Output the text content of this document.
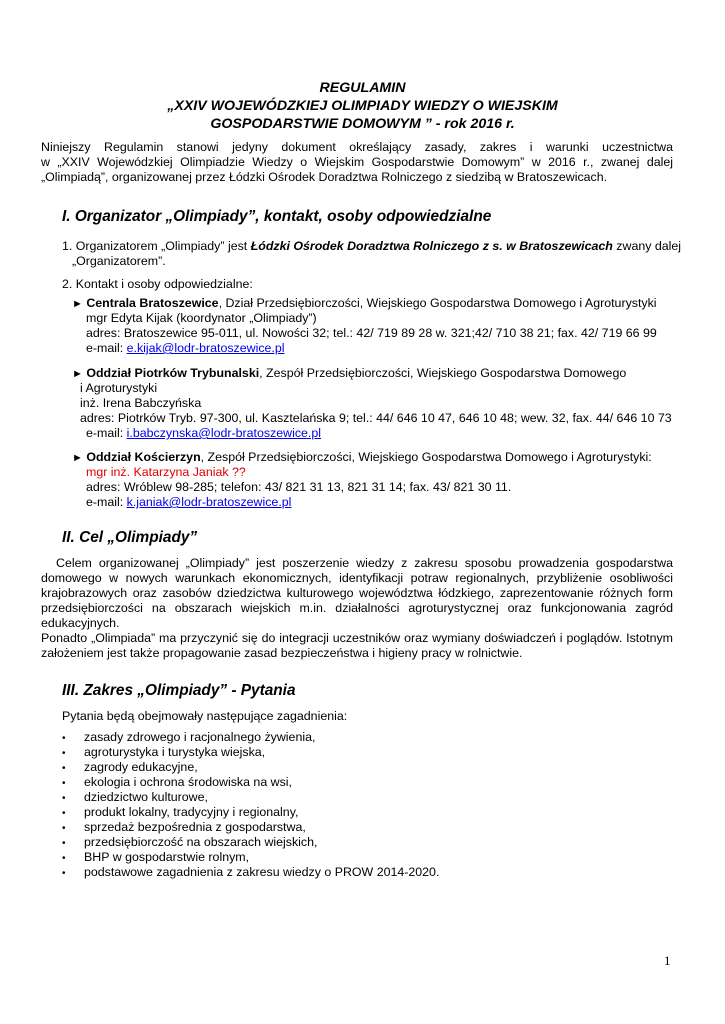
REGULAMIN
„XXIV WOJEWÓDZKIEJ OLIMPIADY WIEDZY O WIEJSKIM
GOSPODARSTWIE DOMOWYM ” - rok 2016 r.
Niniejszy Regulamin stanowi jedyny dokument określający zasady, zakres i warunki uczestnictwa
w „XXIV Wojewódzkiej Olimpiadzie Wiedzy o Wiejskim Gospodarstwie Domowym” w 2016 r., zwanej dalej
„Olimpiadą”, organizowanej przez Łódzki Ośrodek Doradztwa Rolniczego z siedzibą w Bratoszewicach.
I. Organizator „Olimpiady”, kontakt, osoby odpowiedzialne
1. Organizatorem „Olimpiady” jest Łódzki Ośrodek Doradztwa Rolniczego z s. w Bratoszewicach zwany dalej
„Organizatorem”.
2. Kontakt i osoby odpowiedzialne:
► Centrala Bratoszewice, Dział Przedsiębiorczości, Wiejskiego Gospodarstwa Domowego i Agroturystyki
mgr Edyta Kijak (koordynator „Olimpiady”)
adres: Bratoszewice 95-011, ul. Nowości 32; tel.: 42/ 719 89 28 w. 321;42/ 710 38 21; fax. 42/ 719 66 99
e-mail: e.kijak@lodr-bratoszewice.pl
► Oddział Piotrków Trybunalski, Zespół Przedsiębiorczości, Wiejskiego Gospodarstwa Domowego
i Agroturystyki
inż. Irena Babczyńska
adres: Piotrków Tryb. 97-300, ul. Kasztelańska 9; tel.: 44/ 646 10 47, 646 10 48; wew. 32, fax. 44/ 646 10 73
e-mail: i.babczynska@lodr-bratoszewice.pl
► Oddział Kościerzyn, Zespół Przedsiębiorczości, Wiejskiego Gospodarstwa Domowego i Agroturystyki:
mgr inż. Katarzyna Janiak ??
adres: Wróblew 98-285; telefon: 43/ 821 31 13, 821 31 14; fax. 43/ 821 30 11.
e-mail: k.janiak@lodr-bratoszewice.pl
II. Cel „Olimpiady”
Celem organizowanej „Olimpiady” jest poszerzenie wiedzy z zakresu sposobu prowadzenia gospodarstwa
domowego w nowych warunkach ekonomicznych, identyfikacji potraw regionalnych, przybliżenie osobliwości
krajobrazowych oraz zasobów dziedzictwa kulturowego województwa łódzkiego, zaprezentowanie różnych form
przedsiębiorczości na obszarach wiejskich m.in. działalności agroturystycznej oraz funkcjonowania zagród
edukacyjnych.
Ponadto „Olimpiada” ma przyczynić się do integracji uczestników oraz wymiany doświadczeń i poglądów. Istotnym
założeniem jest także propagowanie zasad bezpieczeństwa i higieny pracy w rolnictwie.
III. Zakres „Olimpiady” - Pytania
Pytania będą obejmowały następujące zagadnienia:
• zasady zdrowego i racjonalnego żywienia,
• agroturystyka i turystyka wiejska,
• zagrody edukacyjne,
• ekologia i ochrona środowiska na wsi,
• dziedzictwo kulturowe,
• produkt lokalny, tradycyjny i regionalny,
• sprzedaż bezpośrednia z gospodarstwa,
• przedsiębiorczość na obszarach wiejskich,
• BHP w gospodarstwie rolnym,
• podstawowe zagadnienia z zakresu wiedzy o PROW 2014-2020.
1
